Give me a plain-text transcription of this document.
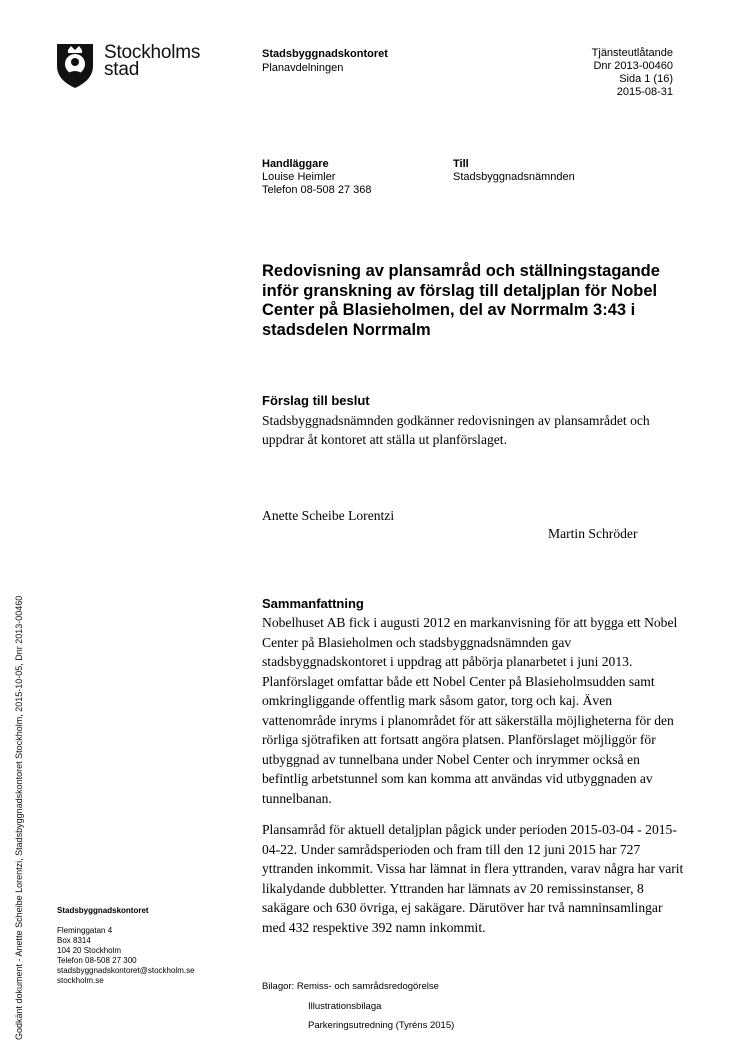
Stockholms
stad
Stadsbyggnadskontoret
Planavdelningen
Tjänsteutlåtande
Dnr 2013-00460
Sida 1 (16)
2015-08-31
Handläggare
Louise Heimler
Telefon 08-508 27 368
Till
Stadsbyggnadsnämnden
Redovisning av plansamråd och ställningstagande inför granskning av förslag till detaljplan för Nobel Center på Blasieholmen, del av Norrmalm 3:43 i stadsdelen Norrmalm
Förslag till beslut
Stadsbyggnadsnämnden godkänner redovisningen av plansamrådet och uppdrar åt kontoret att ställa ut planförslaget.
Anette Scheibe Lorentzi
Martin Schröder
Sammanfattning
Nobelhuset AB fick i augusti 2012 en markanvisning för att bygga ett Nobel Center på Blasieholmen och stadsbyggnadsnämnden gav stadsbyggnadskontoret i uppdrag att påbörja planarbetet i juni 2013. Planförslaget omfattar både ett Nobel Center på Blasieholmsudden samt omkringliggande offentlig mark såsom gator, torg och kaj. Även vattenområde inryms i planområdet för att säkerställa möjligheterna för den rörliga sjötrafiken att fortsatt angöra platsen. Planförslaget möjliggör för utbyggnad av tunnelbana under Nobel Center och inrymmer också en befintlig arbetstunnel som kan komma att användas vid utbyggnaden av tunnelbanan.
Plansamråd för aktuell detaljplan pågick under perioden 2015-03-04 - 2015-04-22. Under samrådsperioden och fram till den 12 juni 2015 har 727 yttranden inkommit. Vissa har lämnat in flera yttranden, varav några har varit likalydande dubbletter. Yttranden har lämnats av 20 remissinstanser, 8 sakägare och 630 övriga, ej sakägare. Därutöver har två namninsamlingar med 432 respektive 392 namn inkommit.
Bilagor: Remiss- och samrådsredogörelse
Illustrationsbilaga
Parkeringsutredning (Tyréns 2015)
Stadsbyggnadskontoret
Fleminggatan 4
Box 8314
104 20 Stockholm
Telefon 08-508 27 300
stadsbyggnadskontoret@stockholm.se
stockholm.se
Godkänt dokument - Anette Scheibe Lorentzi, Stadsbyggnadskontoret Stockholm, 2015-10-05, Dnr 2013-00460
